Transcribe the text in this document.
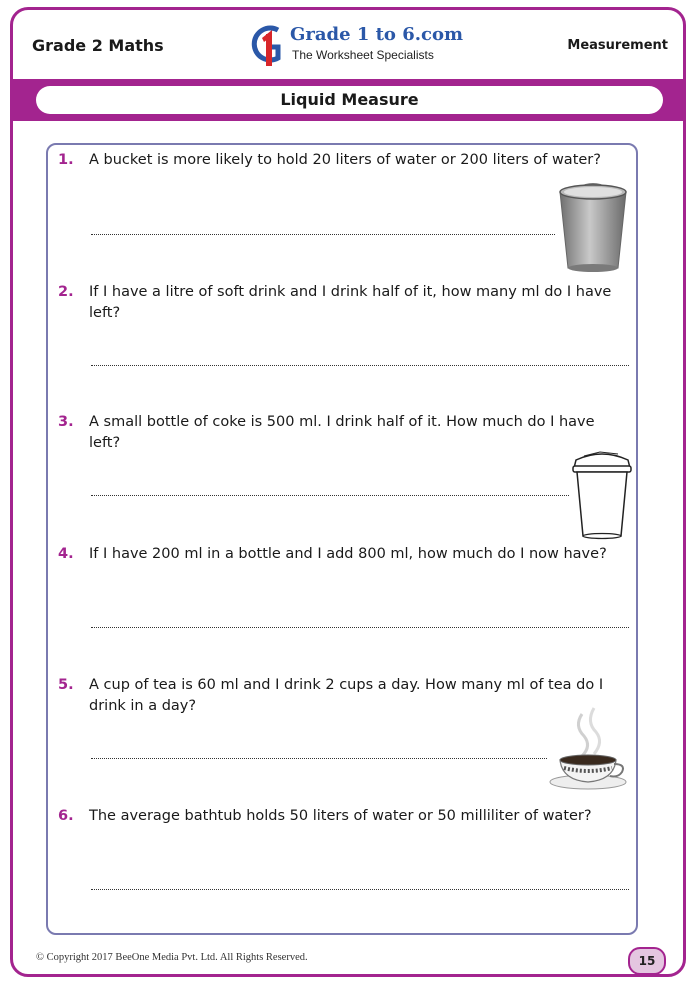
Grade 2 Maths
Grade 1 to 6.com
The Worksheet Specialists
Measurement
Liquid Measure
1. A bucket is more likely to hold 20 liters of water or 200 liters of water?
2. If I have a litre of soft drink and I drink half of it, how many ml do I have left?
3. A small bottle of coke is 500 ml. I drink half of it. How much do I have left?
4. If I have 200 ml in a bottle and I add 800 ml, how much do I now have?
5. A cup of tea is 60 ml and I drink 2 cups a day. How many ml of tea do I drink in a day?
6. The average bathtub holds 50 liters of water or 50 milliliter of water?
© Copyright 2017 BeeOne Media Pvt. Ltd. All Rights Reserved.	15
